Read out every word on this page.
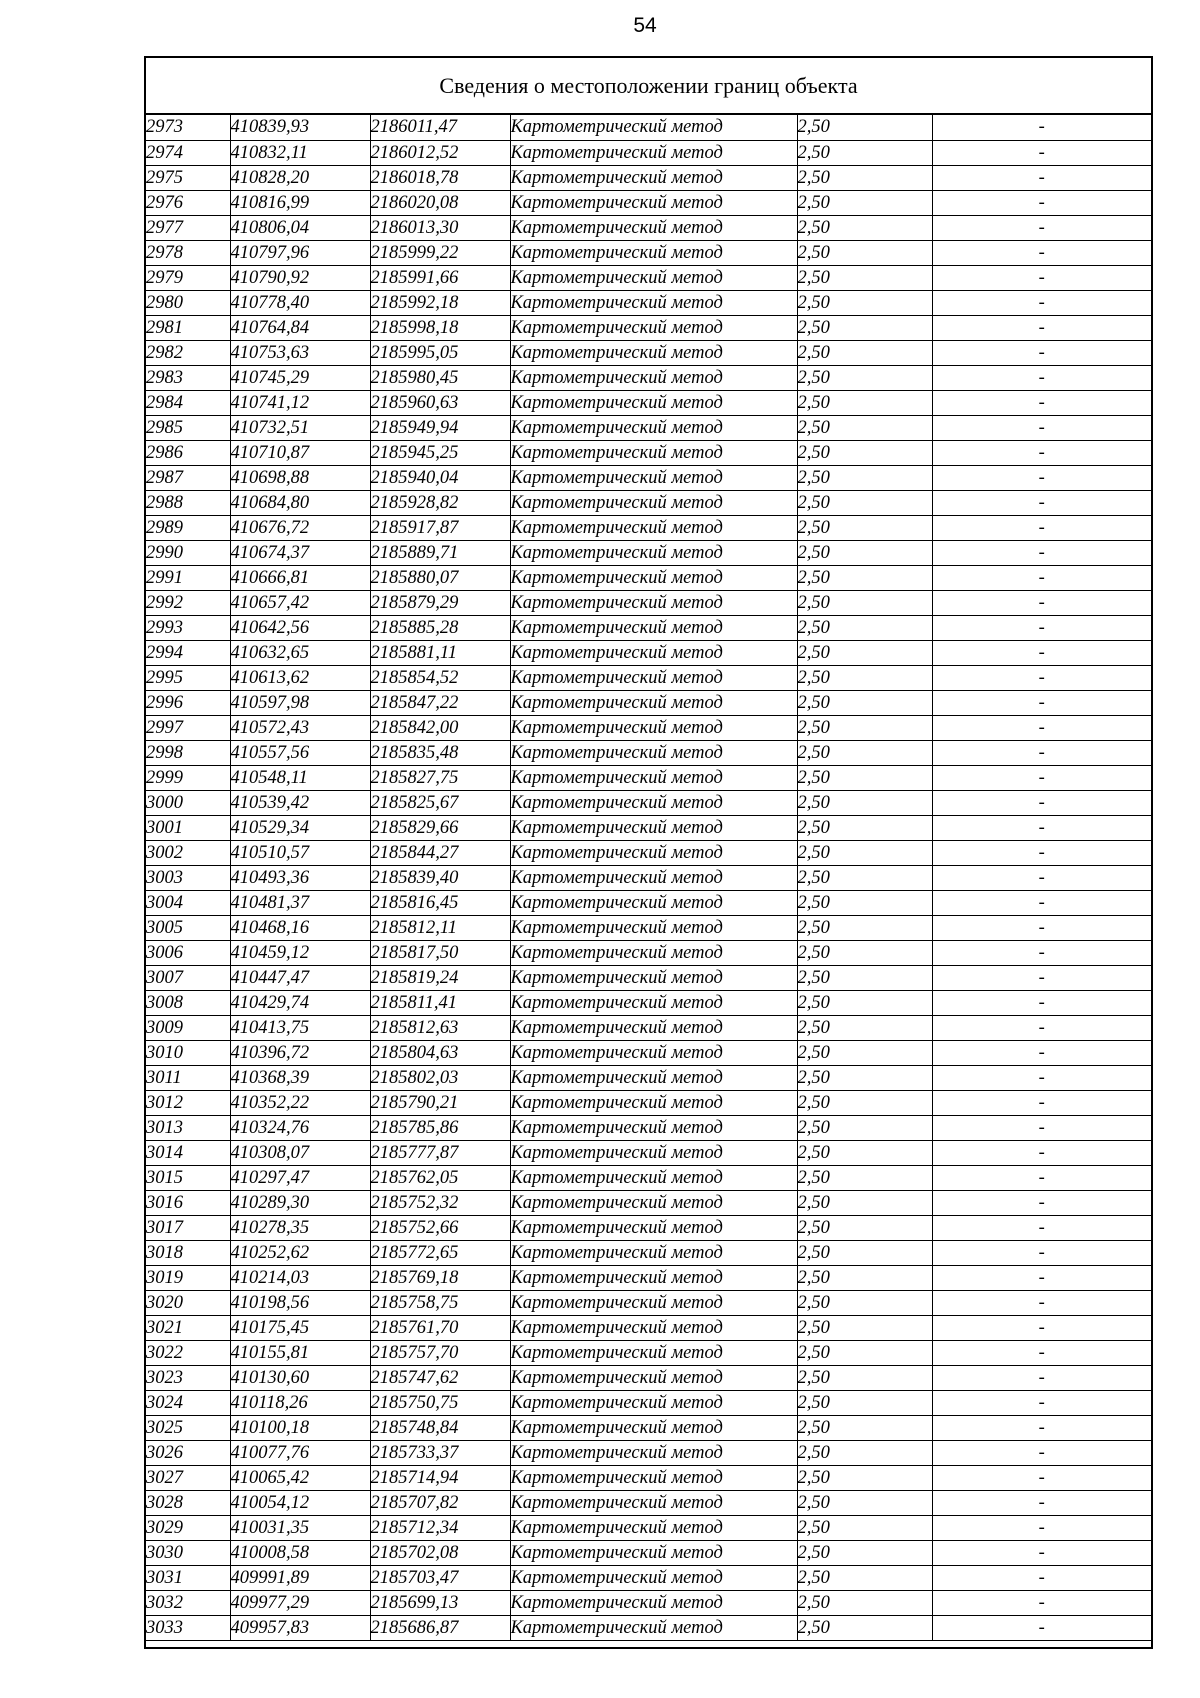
54
Сведения о местоположении границ объекта
2973	410839,93	2186011,47	Картометрический метод	2,50	-
2974	410832,11	2186012,52	Картометрический метод	2,50	-
2975	410828,20	2186018,78	Картометрический метод	2,50	-
2976	410816,99	2186020,08	Картометрический метод	2,50	-
2977	410806,04	2186013,30	Картометрический метод	2,50	-
2978	410797,96	2185999,22	Картометрический метод	2,50	-
2979	410790,92	2185991,66	Картометрический метод	2,50	-
2980	410778,40	2185992,18	Картометрический метод	2,50	-
2981	410764,84	2185998,18	Картометрический метод	2,50	-
2982	410753,63	2185995,05	Картометрический метод	2,50	-
2983	410745,29	2185980,45	Картометрический метод	2,50	-
2984	410741,12	2185960,63	Картометрический метод	2,50	-
2985	410732,51	2185949,94	Картометрический метод	2,50	-
2986	410710,87	2185945,25	Картометрический метод	2,50	-
2987	410698,88	2185940,04	Картометрический метод	2,50	-
2988	410684,80	2185928,82	Картометрический метод	2,50	-
2989	410676,72	2185917,87	Картометрический метод	2,50	-
2990	410674,37	2185889,71	Картометрический метод	2,50	-
2991	410666,81	2185880,07	Картометрический метод	2,50	-
2992	410657,42	2185879,29	Картометрический метод	2,50	-
2993	410642,56	2185885,28	Картометрический метод	2,50	-
2994	410632,65	2185881,11	Картометрический метод	2,50	-
2995	410613,62	2185854,52	Картометрический метод	2,50	-
2996	410597,98	2185847,22	Картометрический метод	2,50	-
2997	410572,43	2185842,00	Картометрический метод	2,50	-
2998	410557,56	2185835,48	Картометрический метод	2,50	-
2999	410548,11	2185827,75	Картометрический метод	2,50	-
3000	410539,42	2185825,67	Картометрический метод	2,50	-
3001	410529,34	2185829,66	Картометрический метод	2,50	-
3002	410510,57	2185844,27	Картометрический метод	2,50	-
3003	410493,36	2185839,40	Картометрический метод	2,50	-
3004	410481,37	2185816,45	Картометрический метод	2,50	-
3005	410468,16	2185812,11	Картометрический метод	2,50	-
3006	410459,12	2185817,50	Картометрический метод	2,50	-
3007	410447,47	2185819,24	Картометрический метод	2,50	-
3008	410429,74	2185811,41	Картометрический метод	2,50	-
3009	410413,75	2185812,63	Картометрический метод	2,50	-
3010	410396,72	2185804,63	Картометрический метод	2,50	-
3011	410368,39	2185802,03	Картометрический метод	2,50	-
3012	410352,22	2185790,21	Картометрический метод	2,50	-
3013	410324,76	2185785,86	Картометрический метод	2,50	-
3014	410308,07	2185777,87	Картометрический метод	2,50	-
3015	410297,47	2185762,05	Картометрический метод	2,50	-
3016	410289,30	2185752,32	Картометрический метод	2,50	-
3017	410278,35	2185752,66	Картометрический метод	2,50	-
3018	410252,62	2185772,65	Картометрический метод	2,50	-
3019	410214,03	2185769,18	Картометрический метод	2,50	-
3020	410198,56	2185758,75	Картометрический метод	2,50	-
3021	410175,45	2185761,70	Картометрический метод	2,50	-
3022	410155,81	2185757,70	Картометрический метод	2,50	-
3023	410130,60	2185747,62	Картометрический метод	2,50	-
3024	410118,26	2185750,75	Картометрический метод	2,50	-
3025	410100,18	2185748,84	Картометрический метод	2,50	-
3026	410077,76	2185733,37	Картометрический метод	2,50	-
3027	410065,42	2185714,94	Картометрический метод	2,50	-
3028	410054,12	2185707,82	Картометрический метод	2,50	-
3029	410031,35	2185712,34	Картометрический метод	2,50	-
3030	410008,58	2185702,08	Картометрический метод	2,50	-
3031	409991,89	2185703,47	Картометрический метод	2,50	-
3032	409977,29	2185699,13	Картометрический метод	2,50	-
3033	409957,83	2185686,87	Картометрический метод	2,50	-
